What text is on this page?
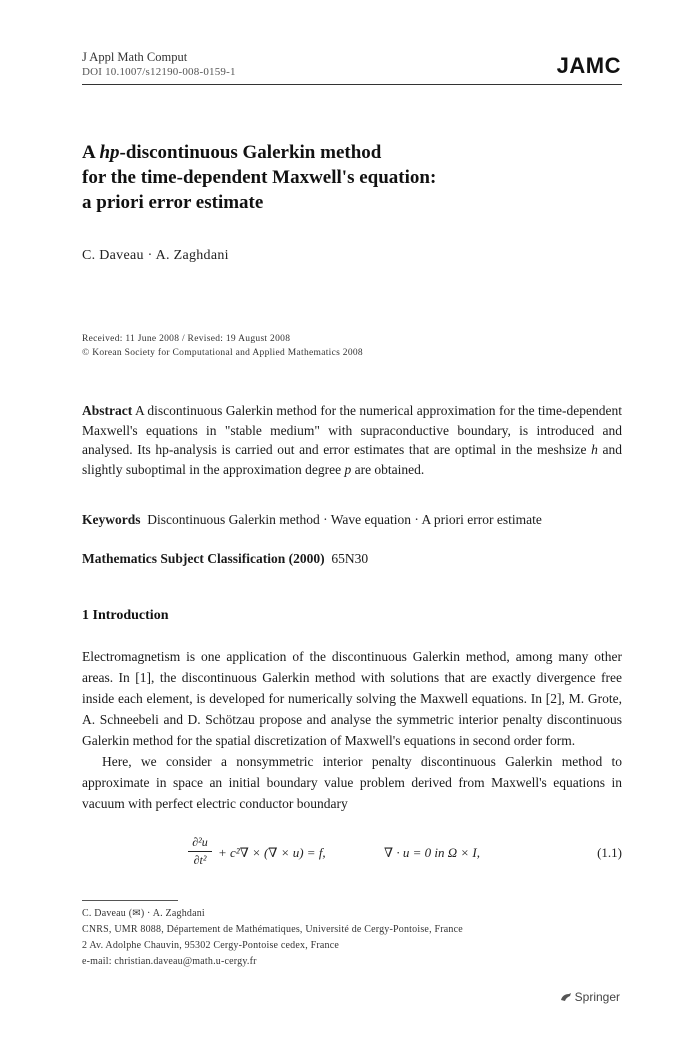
J Appl Math Comput
DOI 10.1007/s12190-008-0159-1	JAMC
A hp-discontinuous Galerkin method
for the time-dependent Maxwell's equation:
a priori error estimate
C. Daveau · A. Zaghdani
Received: 11 June 2008 / Revised: 19 August 2008
© Korean Society for Computational and Applied Mathematics 2008
Abstract A discontinuous Galerkin method for the numerical approximation for the time-dependent Maxwell's equations in "stable medium" with supraconductive boundary, is introduced and analysed. Its hp-analysis is carried out and error estimates that are optimal in the meshsize h and slightly suboptimal in the approximation degree p are obtained.
Keywords Discontinuous Galerkin method · Wave equation · A priori error estimate
Mathematics Subject Classification (2000) 65N30
1 Introduction

Electromagnetism is one application of the discontinuous Galerkin method, among many other areas. In [1], the discontinuous Galerkin method with solutions that are exactly divergence free inside each element, is developed for numerically solving the Maxwell equations. In [2], M. Grote, A. Schneebeli and D. Schötzau propose and analyse the symmetric interior penalty discontinuous Galerkin method for the spatial discretization of Maxwell's equations in second order form.

Here, we consider a nonsymmetric interior penalty discontinuous Galerkin method to approximate in space an initial boundary value problem derived from Maxwell's equations in vacuum with perfect electric conductor boundary

$\frac{\text{∂²u}}{\text{∂t²}} + c^2\nabla$ × (∇ × u) = f,	∇ · u = 0 in Ω × I,	(1.1)
C. Daveau (✉) · A. Zaghdani
CNRS, UMR 8088, Département de Mathématiques, Université de Cergy-Pontoise, France
2 Av. Adolphe Chauvin, 95302 Cergy-Pontoise cedex, France
e-mail: christian.daveau@math.u-cergy.fr
Springer
